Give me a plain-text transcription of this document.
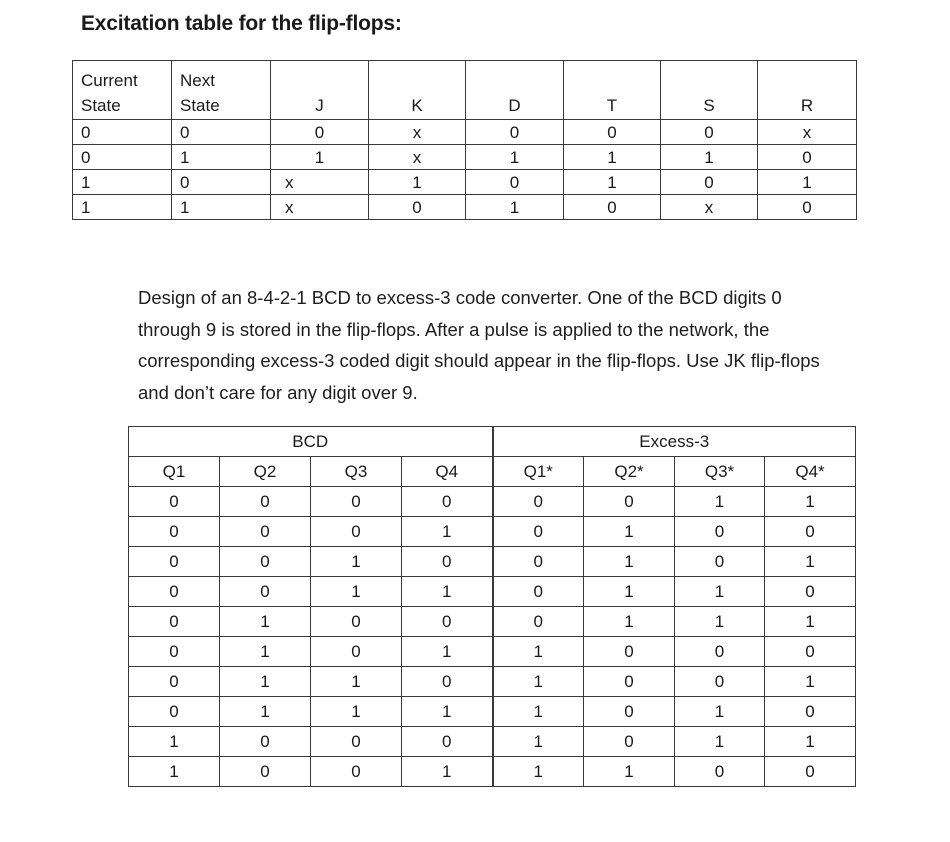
Excitation table for the flip-flops:
Current	Next						
State	State	J	K	D	T	S	R
0	0	0	x	0	0	0	x
0	1	1	x	1	1	1	0
1	0	x	1	0	1	0	1
1	1	x	0	1	0	x	0
Design of an 8-4-2-1 BCD to excess-3 code converter. One of the BCD digits 0 through 9 is stored in the flip-flops. After a pulse is applied to the network, the corresponding excess-3 coded digit should appear in the flip-flops. Use JK flip-flops and don’t care for any digit over 9.
BCD				Excess-3			
Q1	Q2	Q3	Q4	Q1*	Q2*	Q3*	Q4*
0	0	0	0	0	0	1	1
0	0	0	1	0	1	0	0
0	0	1	0	0	1	0	1
0	0	1	1	0	1	1	0
0	1	0	0	0	1	1	1
0	1	0	1	1	0	0	0
0	1	1	0	1	0	0	1
0	1	1	1	1	0	1	0
1	0	0	0	1	0	1	1
1	0	0	1	1	1	0	0
